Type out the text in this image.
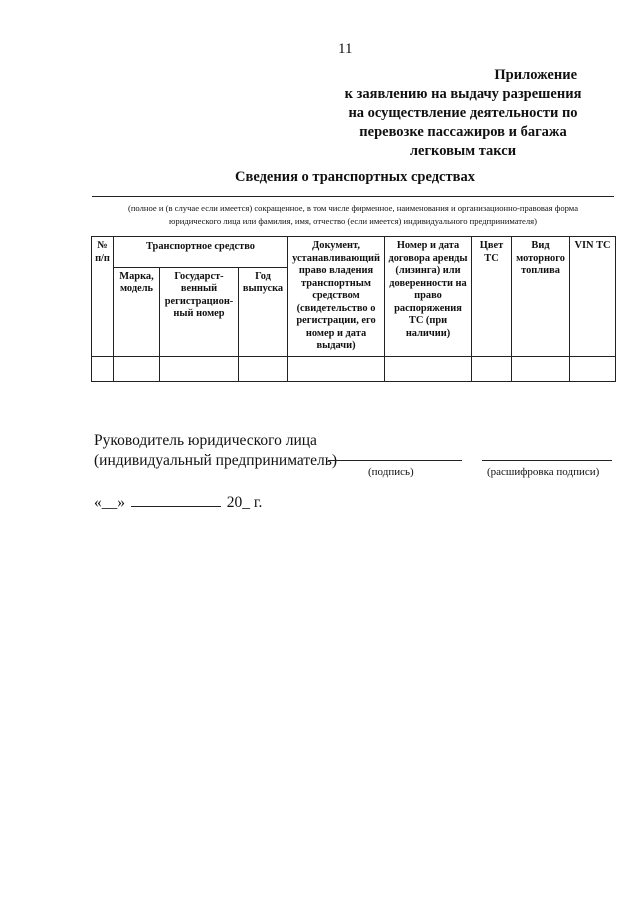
11
Приложение
к заявлению на выдачу разрешения
на осуществление деятельности по
перевозке пассажиров и багажа
легковым такси
Сведения о транспортных средствах
(полное и (в случае если имеется) сокращенное, в том числе фирменное, наименования и организационно-правовая форма
юридического лица или фамилия, имя, отчество (если имеется) индивидуального предпринимателя)
№ п/п	Транспортное средство			Документ, устанавливающий право владения транспортным средством (свидетельство о регистрации, его номер и дата выдачи)	Номер и дата договора аренды (лизинга) или доверенности на право распоряжения ТС (при наличии)	Цвет ТС	Вид моторного топлива	VIN ТС
	Марка, модель	Государст-венный регистрацион-ный номер	Год выпуска					

Руководитель юридического лица
(индивидуальный предприниматель)
(подпись)	(расшифровка подписи)
«__»	20_ г.
